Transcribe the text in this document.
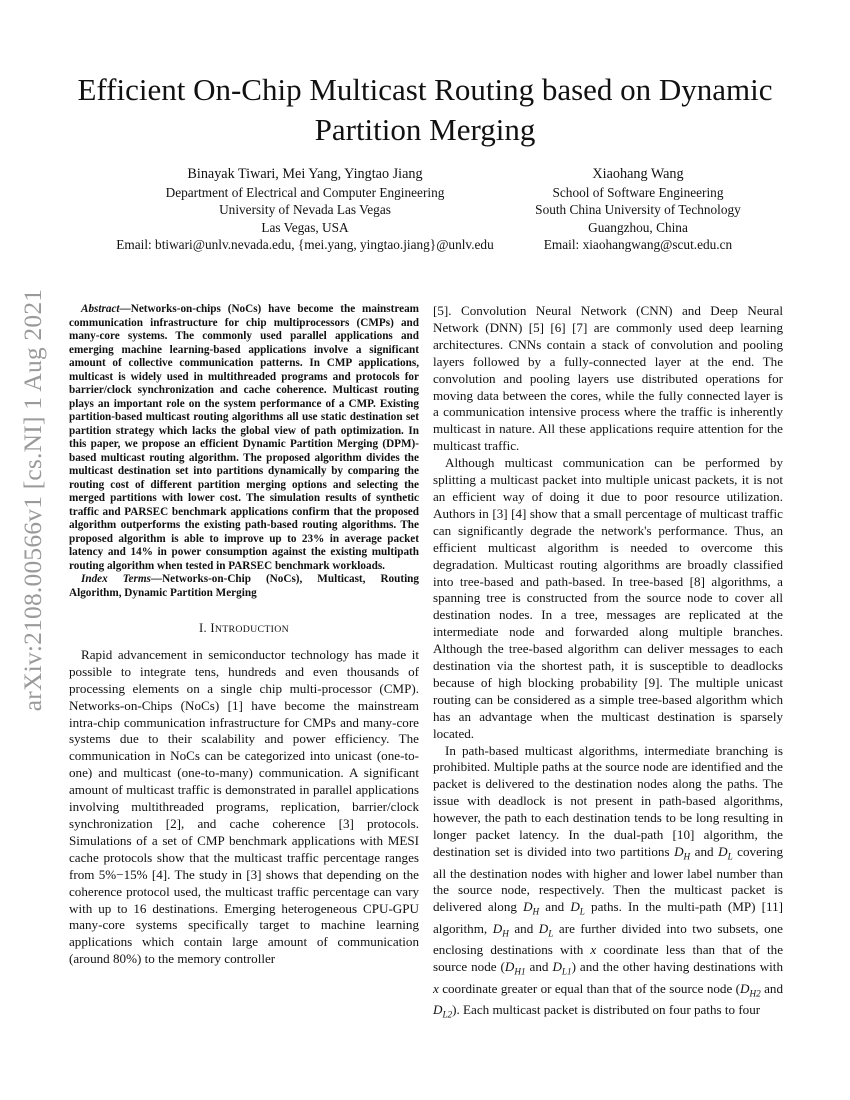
arXiv:2108.00566v1 [cs.NI] 1 Aug 2021
Efficient On-Chip Multicast Routing based on Dynamic Partition Merging
Binayak Tiwari, Mei Yang, Yingtao Jiang
Department of Electrical and Computer Engineering
University of Nevada Las Vegas
Las Vegas, USA
Email: btiwari@unlv.nevada.edu, {mei.yang, yingtao.jiang}@unlv.edu
Xiaohang Wang
School of Software Engineering
South China University of Technology
Guangzhou, China
Email: xiaohangwang@scut.edu.cn

Abstract—Networks-on-chips (NoCs) have become the mainstream communication infrastructure for chip multiprocessors (CMPs) and many-core systems. The commonly used parallel applications and emerging machine learning-based applications involve a significant amount of collective communication patterns. In CMP applications, multicast is widely used in multithreaded programs and protocols for barrier/clock synchronization and cache coherence. Multicast routing plays an important role on the system performance of a CMP. Existing partition-based multicast routing algorithms all use static destination set partition strategy which lacks the global view of path optimization. In this paper, we propose an efficient Dynamic Partition Merging (DPM)-based multicast routing algorithm. The proposed algorithm divides the multicast destination set into partitions dynamically by comparing the routing cost of different partition merging options and selecting the merged partitions with lower cost. The simulation results of synthetic traffic and PARSEC benchmark applications confirm that the proposed algorithm outperforms the existing path-based routing algorithms. The proposed algorithm is able to improve up to 23% in average packet latency and 14% in power consumption against the existing multipath routing algorithm when tested in PARSEC benchmark workloads.

Index Terms—Networks-on-Chip (NoCs), Multicast, Routing Algorithm, Dynamic Partition Merging

I. INTRODUCTION

Rapid advancement in semiconductor technology has made it possible to integrate tens, hundreds and even thousands of processing elements on a single chip multi-processor (CMP). Networks-on-Chips (NoCs) [1] have become the mainstream intra-chip communication infrastructure for CMPs and many-core systems due to their scalability and power efficiency. The communication in NoCs can be categorized into unicast (one-to-one) and multicast (one-to-many) communication. A significant amount of multicast traffic is demonstrated in parallel applications involving multithreaded programs, replication, barrier/clock synchronization [2], and cache coherence [3] protocols. Simulations of a set of CMP benchmark applications with MESI cache protocols show that the multicast traffic percentage ranges from 5%−15% [4]. The study in [3] shows that depending on the coherence protocol used, the multicast traffic percentage can vary with up to 16 destinations. Emerging heterogeneous CPU-GPU many-core systems specifically target to machine learning applications which contain large amount of communication (around 80%) to the memory controller

[5]. Convolution Neural Network (CNN) and Deep Neural Network (DNN) [5] [6] [7] are commonly used deep learning architectures. CNNs contain a stack of convolution and pooling layers followed by a fully-connected layer at the end. The convolution and pooling layers use distributed operations for moving data between the cores, while the fully connected layer is a communication intensive process where the traffic is inherently multicast in nature. All these applications require attention for the multicast traffic.

Although multicast communication can be performed by splitting a multicast packet into multiple unicast packets, it is not an efficient way of doing it due to poor resource utilization. Authors in [3] [4] show that a small percentage of multicast traffic can significantly degrade the network's performance. Thus, an efficient multicast algorithm is needed to overcome this degradation. Multicast routing algorithms are broadly classified into tree-based and path-based. In tree-based [8] algorithms, a spanning tree is constructed from the source node to cover all destination nodes. In a tree, messages are replicated at the intermediate node and forwarded along multiple branches. Although the tree-based algorithm can deliver messages to each destination via the shortest path, it is susceptible to deadlocks because of high blocking probability [9]. The multiple unicast routing can be considered as a simple tree-based algorithm which has an advantage when the multicast destination is sparsely located.

In path-based multicast algorithms, intermediate branching is prohibited. Multiple paths at the source node are identified and the packet is delivered to the destination nodes along the paths. The issue with deadlock is not present in path-based algorithms, however, the path to each destination tends to be long resulting in longer packet latency. In the dual-path [10] algorithm, the destination set is divided into two partitions $D_H$ and $D_L$ covering all the destination nodes with higher and lower label number than the source node, respectively. Then the multicast packet is delivered along $D_H$ and $D_L$ paths. In the multi-path (MP) [11] algorithm, $D_H$ and $D_L$ are further divided into two subsets, one enclosing destinations with x coordinate less than that of the source node ($D_{H1}$ and $D_{L1}$) and the other having destinations with x coordinate greater or equal than that of the source node ($D_{H2}$ and $D_{L2}$). Each multicast packet is distributed on four paths to four
